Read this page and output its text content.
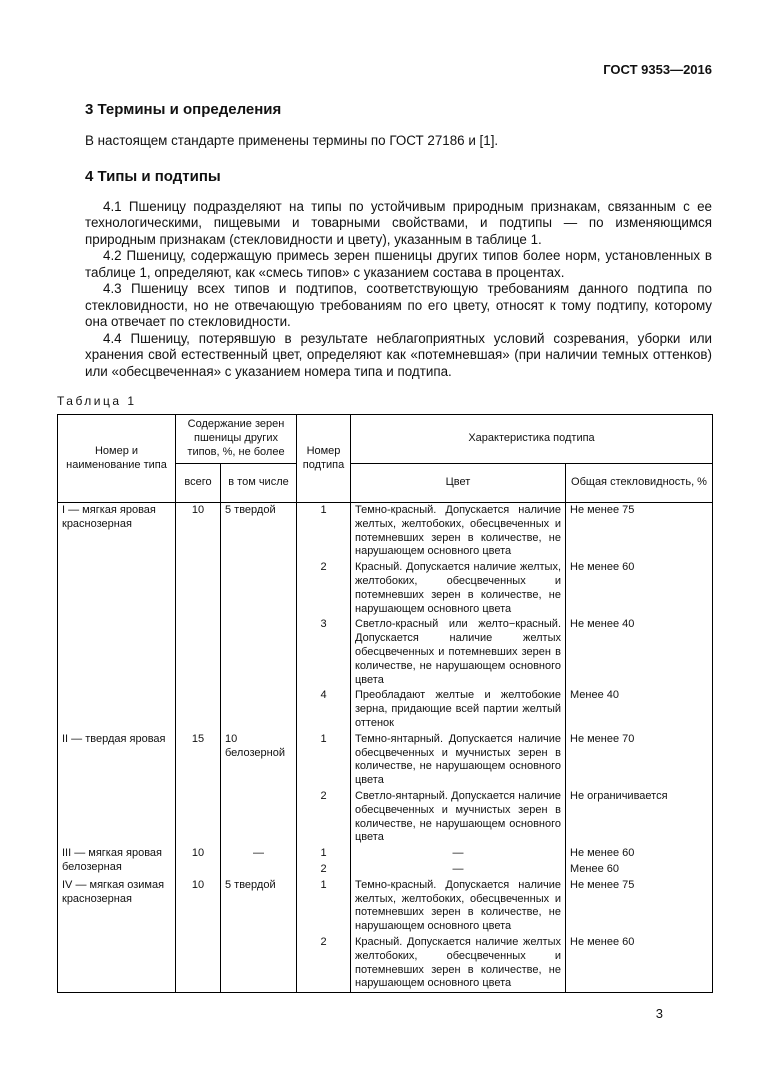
ГОСТ 9353—2016
3 Термины и определения

В настоящем стандарте применены термины по ГОСТ 27186 и [1].

4 Типы и подтипы

4.1 Пшеницу подразделяют на типы по устойчивым природным признакам, связанным с ее технологическими, пищевыми и товарными свойствами, и подтипы — по изменяющимся природным признакам (стекловидности и цвету), указанным в таблице 1.

4.2 Пшеницу, содержащую примесь зерен пшеницы других типов более норм, установленных в таблице 1, определяют, как «смесь типов» с указанием состава в процентах.

4.3 Пшеницу всех типов и подтипов, соответствующую требованиям данного подтипа по стекловидности, но не отвечающую требованиям по его цвету, относят к тому подтипу, которому она отвечает по стекловидности.

4.4 Пшеницу, потерявшую в результате неблагоприятных условий созревания, уборки или хранения свой естественный цвет, определяют как «потемневшая» (при наличии темных оттенков) или «обесцвеченная» с указанием номера типа и подтипа.

Таблица 1
Номер и наименование типа	Содержание зерен пшеницы других типов, %, не более		Номер подтипа	Характеристика подтипа	
	всего	в том числе		Цвет	Общая стекловидность, %
I — мягкая яровая краснозерная	10	5 твердой	1	Темно-красный. Допускается наличие желтых, желтобоких, обесцвеченных и потемневших зерен в количестве, не нарушающем основного цвета	Не менее 75
			2	Красный. Допускается наличие желтых, желтобоких, обесцвеченных и потемневших зерен в количестве, не нарушающем основного цвета	Не менее 60
			3	Светло-красный или желто−красный. Допускается наличие желтых обесцвеченных и потемневших зерен в количестве, не нарушающем основного цвета	Не менее 40
			4	Преобладают желтые и желтобокие зерна, придающие всей партии желтый оттенок	Менее 40
II — твердая яровая	15	10 белозерной	1	Темно-янтарный. Допускается наличие обесцвеченных и мучнистых зерен в количестве, не нарушающем основного цвета	Не менее 70
			2	Светло-янтарный. Допускается наличие обесцвеченных и мучнистых зерен в количестве, не нарушающем основного цвета	Не ограничивается
III — мягкая яровая белозерная	10	—	1	—	Не менее 60
			2	—	Менее 60
IV — мягкая озимая краснозерная	10	5 твердой	1	Темно-красный. Допускается наличие желтых, желтобоких, обесцвеченных и потемневших зерен в количестве, не нарушающем основного цвета	Не менее 75
			2	Красный. Допускается наличие желтых желтобоких, обесцвеченных и потемневших зерен в количестве, не нарушающем основного цвета	Не менее 60
3
